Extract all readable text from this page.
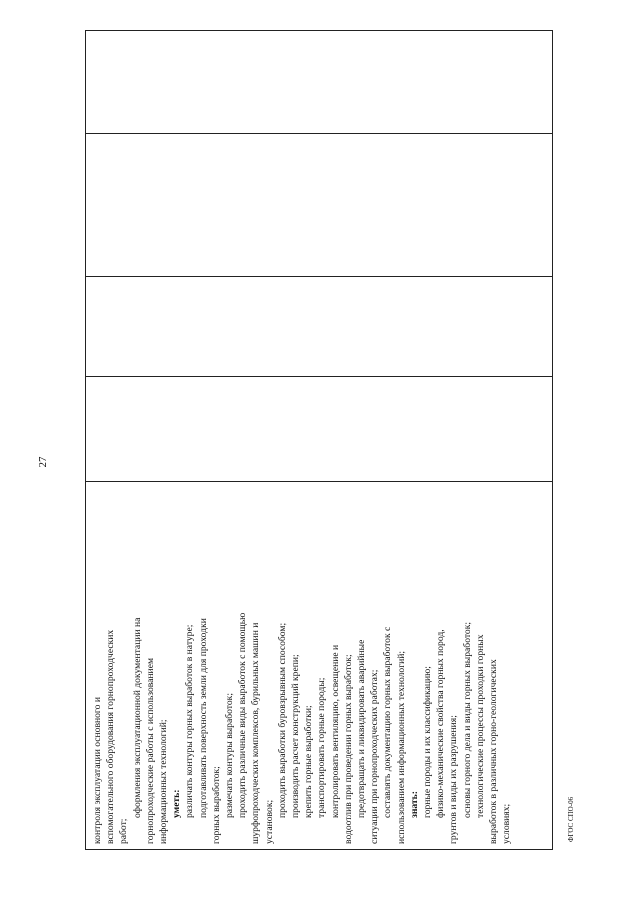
27
контроля эксплуатации основного и вспомогательного оборудования горнопроходческих работ;
оформления эксплуатационной документации на горнопроходческие работы с использованием информационных технологий; уметь: различать контуры горных выработок в натуре; подготавливать поверхность земли для проходки горных выработок; размечать контуры выработок; проходить различные виды выработок с помощью шурфопроходческих комплексов, бурильных машин и установок;
проходить выработки буровзрывным способом; производить расчет конструкций крепи; крепить горные выработки; транспортировать горные породы; контролировать вентиляцию, освещение и водоотлив при проведении горных выработок; предотвращать и ликвидировать аварийные ситуации при горнопроходческих работах; составлять документацию горных выработок с использованием информационных технологий; знать: горные породы и их классификацию; физико-механические свойства горных пород, грунтов и виды их разрушения; основы горного дела и виды горных выработок; технологические процессы проходки горных выработок в различных горно-геологических условиях;	ФГОС СПО-06
